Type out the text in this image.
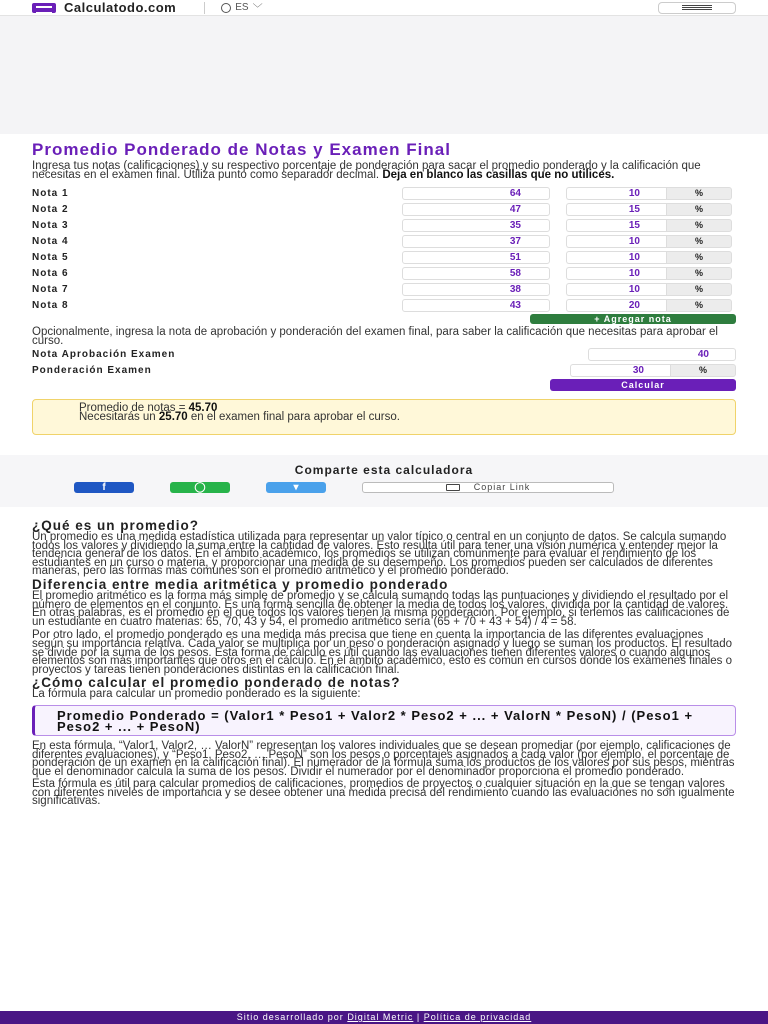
Calculatodo.com	ES ﹀
Promedio Ponderado de Notas y Examen Final
Ingresa tus notas (calificaciones) y su respectivo porcentaje de ponderación para sacar el promedio ponderado y la calificación que necesitas en el examen final. Utiliza punto como separador decimal. Deja en blanco las casillas que no utilices.
Nota 1	64	10	%
Nota 2	47	15	%
Nota 3	35	15	%
Nota 4	37	10	%
Nota 5	51	10	%
Nota 6	58	10	%
Nota 7	38	10	%
Nota 8	43	20	%
+ Agregar nota
Opcionalmente, ingresa la nota de aprobación y ponderación del examen final, para saber la calificación que necesitas para aprobar el curso.
Nota Aprobación Examen	40
Ponderación Examen	30	%
Calcular
Promedio de notas = 45.70
Necesitarás un 25.70 en el examen final para aprobar el curso.
Comparte esta calculadora
f	◯	▾	Copiar Link
¿Qué es un promedio?
Un promedio es una medida estadística utilizada para representar un valor típico o central en un conjunto de datos. Se calcula sumando todos los valores y dividiendo la suma entre la cantidad de valores. Esto resulta útil para tener una visión numérica y entender mejor la tendencia general de los datos. En el ámbito académico, los promedios se utilizan comúnmente para evaluar el rendimiento de los estudiantes en un curso o materia, y proporcionar una medida de su desempeño. Los promedios pueden ser calculados de diferentes maneras, pero las formas más comunes son el promedio aritmético y el promedio ponderado.
Diferencia entre media aritmética y promedio ponderado
El promedio aritmético es la forma más simple de promedio y se calcula sumando todas las puntuaciones y dividiendo el resultado por el número de elementos en el conjunto. Es una forma sencilla de obtener la media de todos los valores, dividida por la cantidad de valores. En otras palabras, es el promedio en el que todos los valores tienen la misma ponderación. Por ejemplo, si tenemos las calificaciones de un estudiante en cuatro materias: 65, 70, 43 y 54, el promedio aritmético sería (65 + 70 + 43 + 54) / 4 = 58.
Por otro lado, el promedio ponderado es una medida más precisa que tiene en cuenta la importancia de las diferentes evaluaciones según su importancia relativa. Cada valor se multiplica por un peso o ponderación asignado y luego se suman los productos. El resultado se divide por la suma de los pesos. Esta forma de cálculo es útil cuando las evaluaciones tienen diferentes valores o cuando algunos elementos son más importantes que otros en el cálculo. En el ámbito académico, esto es común en cursos donde los exámenes finales o proyectos y tareas tienen ponderaciones distintas en la calificación final.
¿Cómo calcular el promedio ponderado de notas?
La fórmula para calcular un promedio ponderado es la siguiente:
Promedio Ponderado = (Valor1 * Peso1 + Valor2 * Peso2 + ... + ValorN * PesoN) / (Peso1 + Peso2 + ... + PesoN)
En esta fórmula, “Valor1, Valor2, … ValorN” representan los valores individuales que se desean promediar (por ejemplo, calificaciones de diferentes evaluaciones), y “Peso1, Peso2, … PesoN” son los pesos o porcentajes asignados a cada valor (por ejemplo, el porcentaje de ponderación de un examen en la calificación final). El numerador de la fórmula suma los productos de los valores por sus pesos, mientras que el denominador calcula la suma de los pesos. Dividir el numerador por el denominador proporciona el promedio ponderado.
Esta fórmula es útil para calcular promedios de calificaciones, promedios de proyectos o cualquier situación en la que se tengan valores con diferentes niveles de importancia y se desee obtener una medida precisa del rendimiento cuando las evaluaciones no son igualmente significativas.
Sitio desarrollado por Digital Metric | Política de privacidad
